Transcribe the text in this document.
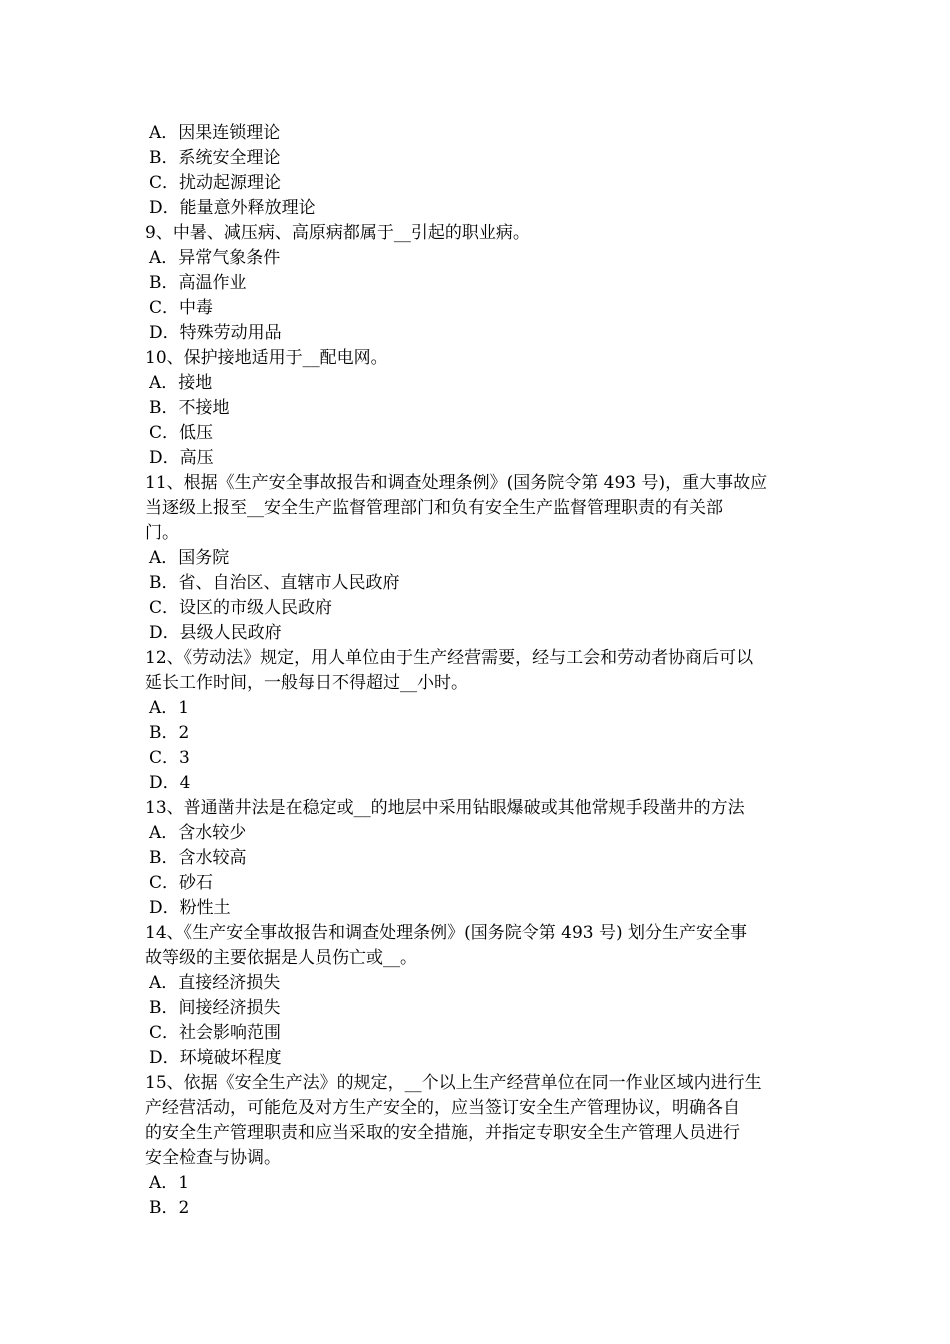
A．因果连锁理论
B．系统安全理论
C．扰动起源理论
D．能量意外释放理论
9、中暑、减压病、高原病都属于__引起的职业病。
A．异常气象条件
B．高温作业
C．中毒
D．特殊劳动用品
10、保护接地适用于__配电网。
A．接地
B．不接地
C．低压
D．高压
11、根据《生产安全事故报告和调查处理条例》(国务院令第 493 号)，重大事故应
当逐级上报至__安全生产监督管理部门和负有安全生产监督管理职责的有关部
门。
A．国务院
B．省、自治区、直辖市人民政府
C．设区的市级人民政府
D．县级人民政府
12、《劳动法》规定，用人单位由于生产经营需要，经与工会和劳动者协商后可以
延长工作时间，一般每日不得超过__小时。
A．1
B．2
C．3
D．4
13、普通凿井法是在稳定或__的地层中采用钻眼爆破或其他常规手段凿井的方法
A．含水较少
B．含水较高
C．砂石
D．粉性土
14、《生产安全事故报告和调查处理条例》(国务院令第 493 号) 划分生产安全事
故等级的主要依据是人员伤亡或__。
A．直接经济损失
B．间接经济损失
C．社会影响范围
D．环境破坏程度
15、依据《安全生产法》的规定，__个以上生产经营单位在同一作业区域内进行生
产经营活动，可能危及对方生产安全的，应当签订安全生产管理协议，明确各自
的安全生产管理职责和应当采取的安全措施，并指定专职安全生产管理人员进行
安全检查与协调。
A．1
B．2
